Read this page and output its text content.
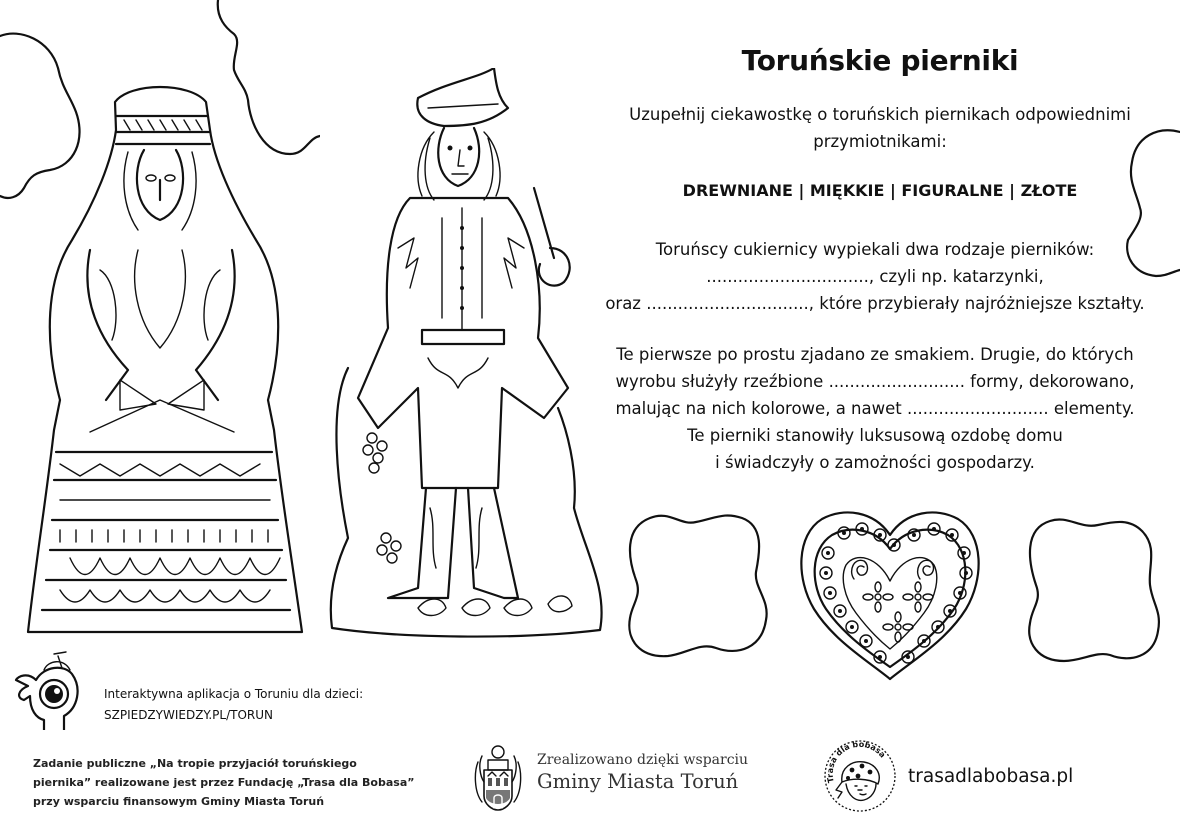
Toruńskie pierniki
Uzupełnij ciekawostkę o toruńskich piernikach odpowiednimi
przymiotnikami:
DREWNIANE | MIĘKKIE | FIGURALNE | ZŁOTE
Toruńscy cukiernicy wypiekali dwa rodzaje pierników:
..............................., czyli np. katarzynki,
oraz ..............................., które przybierały najróżniejsze kształty.
Te pierwsze po prostu zjadano ze smakiem. Drugie, do których
wyrobu służyły rzeźbione .......................... formy, dekorowano,
malując na nich kolorowe, a nawet ........................... elementy.
Te pierniki stanowiły luksusową ozdobę domu
i świadczyły o zamożności gospodarzy.
Interaktywna aplikacja o Toruniu dla dzieci:
SZPIEDZYWIEDZY.PL/TORUN
Zadanie publiczne „Na tropie przyjaciół toruńskiego
piernika” realizowane jest przez Fundację „Trasa dla Bobasa”
przy wsparciu finansowym Gminy Miasta Toruń
Zrealizowano dzięki wsparciu
Gminy Miasta Toruń	Trasa dla bobasa
trasadlabobasa.pl
